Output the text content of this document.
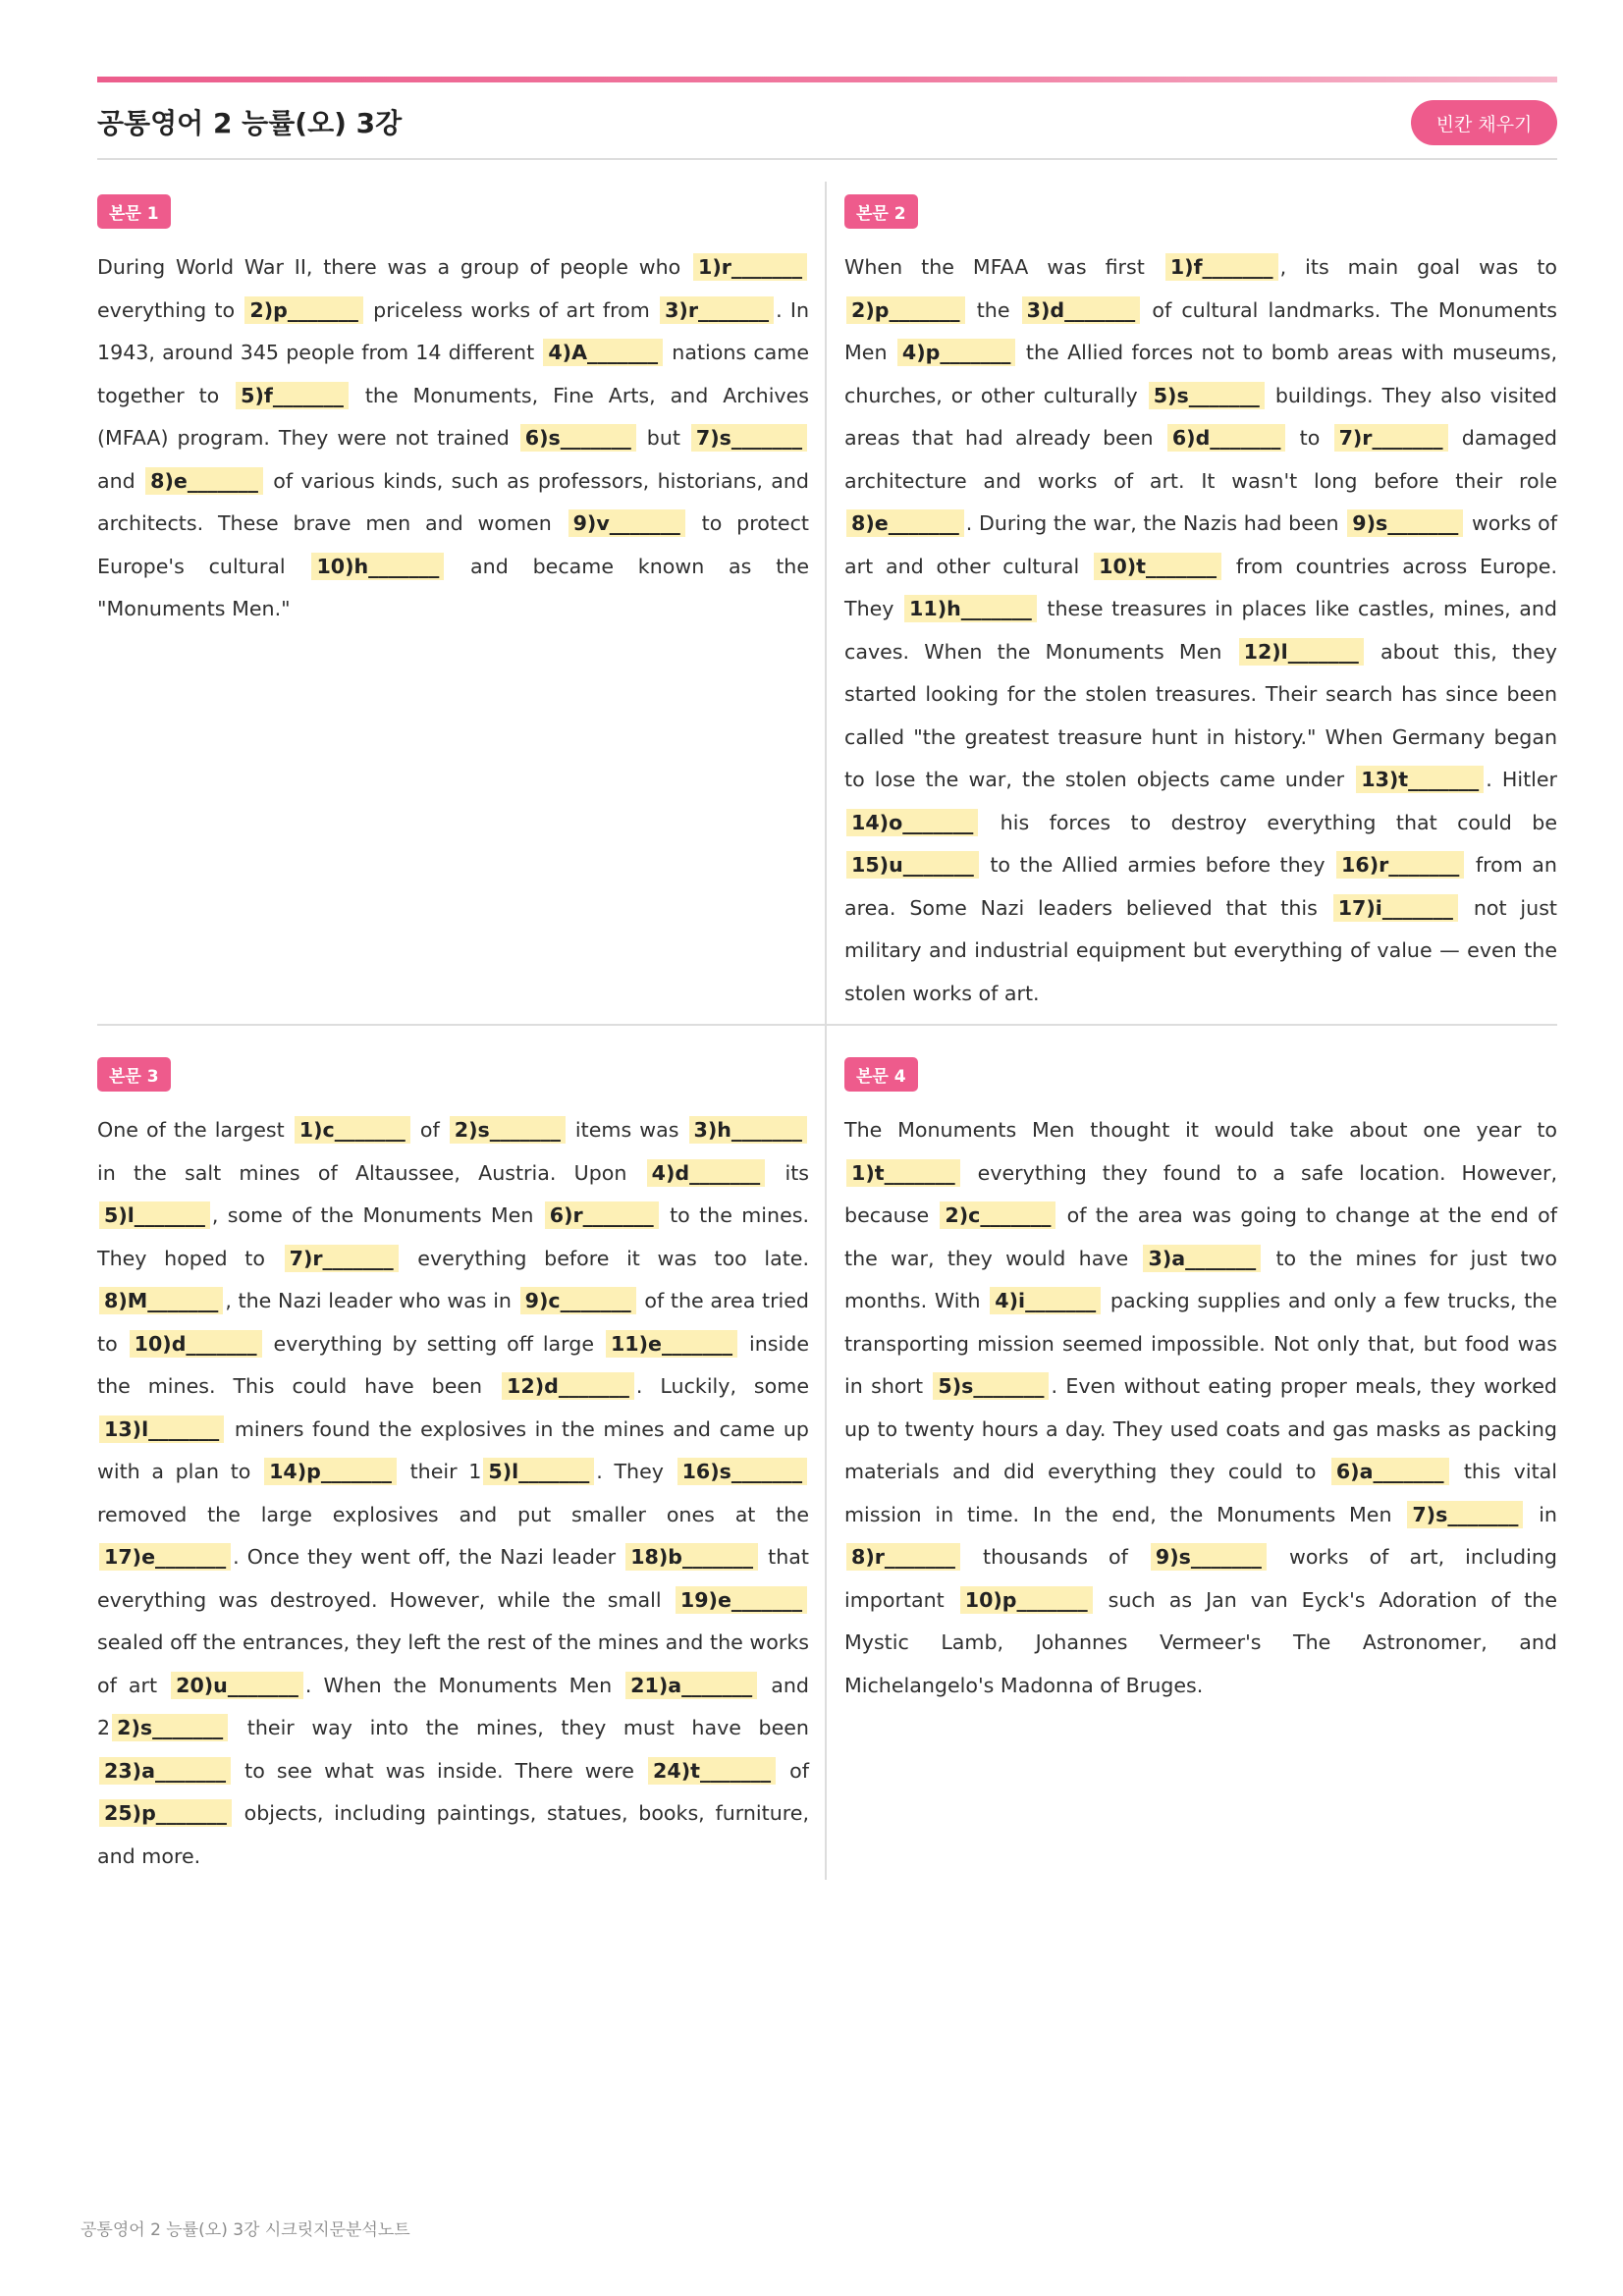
공통영어 2 능률(오) 3강	빈칸 채우기
본문 1
During World War II, there was a group of people who 1)r_______ everything to 2)p_______ priceless works of art from 3)r_______ . In 1943, around 345 people from 14 different 4)A_______ nations came together to 5)f_______ the Monuments, Fine Arts, and Archives (MFAA) program. They were not trained 6)s_______ but 7)s_______ and 8)e_______ of various kinds, such as professors, historians, and architects. These brave men and women 9)v_______ to protect Europe's cultural 10)h_______ and became known as the "Monuments Men."
본문 2
When the MFAA was first 1)f_______ , its main goal was to 2)p_______ the 3)d_______ of cultural landmarks. The Monuments Men 4)p_______ the Allied forces not to bomb areas with museums, churches, or other culturally 5)s_______ buildings. They also visited areas that had already been 6)d_______ to 7)r_______ damaged architecture and works of art. It wasn't long before their role 8)e_______ . During the war, the Nazis had been 9)s_______ works of art and other cultural 10)t_______ from countries across Europe. They 11)h_______ these treasures in places like castles, mines, and caves. When the Monuments Men 12)l_______ about this, they started looking for the stolen treasures. Their search has since been called "the greatest treasure hunt in history." When Germany began to lose the war, the stolen objects came under 13)t_______ . Hitler 14)o_______ his forces to destroy everything that could be 15)u_______ to the Allied armies before they 16)r_______ from an area. Some Nazi leaders believed that this 17)i_______ not just military and industrial equipment but everything of value — even the stolen works of art.
본문 3
One of the largest 1)c_______ of 2)s_______ items was 3)h_______ in the salt mines of Altaussee, Austria. Upon 4)d_______ its 5)l_______ , some of the Monuments Men 6)r_______ to the mines. They hoped to 7)r_______ everything before it was too late. 8)M_______ , the Nazi leader who was in 9)c_______ of the area tried to 10)d_______ everything by setting off large 11)e_______ inside the mines. This could have been 12)d_______ . Luckily, some 13)l_______ miners found the explosives in the mines and came up with a plan to 14)p_______ their 1 5)l_______ . They 16)s_______ removed the large explosives and put smaller ones at the 17)e_______ . Once they went off, the Nazi leader 18)b_______ that everything was destroyed. However, while the small 19)e_______ sealed off the entrances, they left the rest of the mines and the works of art 20)u_______ . When the Monuments Men 21)a_______ and 2 2)s_______ their way into the mines, they must have been 23)a_______ to see what was inside. There were 24)t_______ of 25)p_______ objects, including paintings, statues, books, furniture, and more.
본문 4
The Monuments Men thought it would take about one year to 1)t_______ everything they found to a safe location. However, because 2)c_______ of the area was going to change at the end of the war, they would have 3)a_______ to the mines for just two months. With 4)i_______ packing supplies and only a few trucks, the transporting mission seemed impossible. Not only that, but food was in short 5)s_______ . Even without eating proper meals, they worked up to twenty hours a day. They used coats and gas masks as packing materials and did everything they could to 6)a_______ this vital mission in time. In the end, the Monuments Men 7)s_______ in 8)r_______ thousands of 9)s_______ works of art, including important 10)p_______ such as Jan van Eyck's Adoration of the Mystic Lamb, Johannes Vermeer's The Astronomer, and Michelangelo's Madonna of Bruges.
공통영어 2 능률(오) 3강 시크릿지문분석노트
